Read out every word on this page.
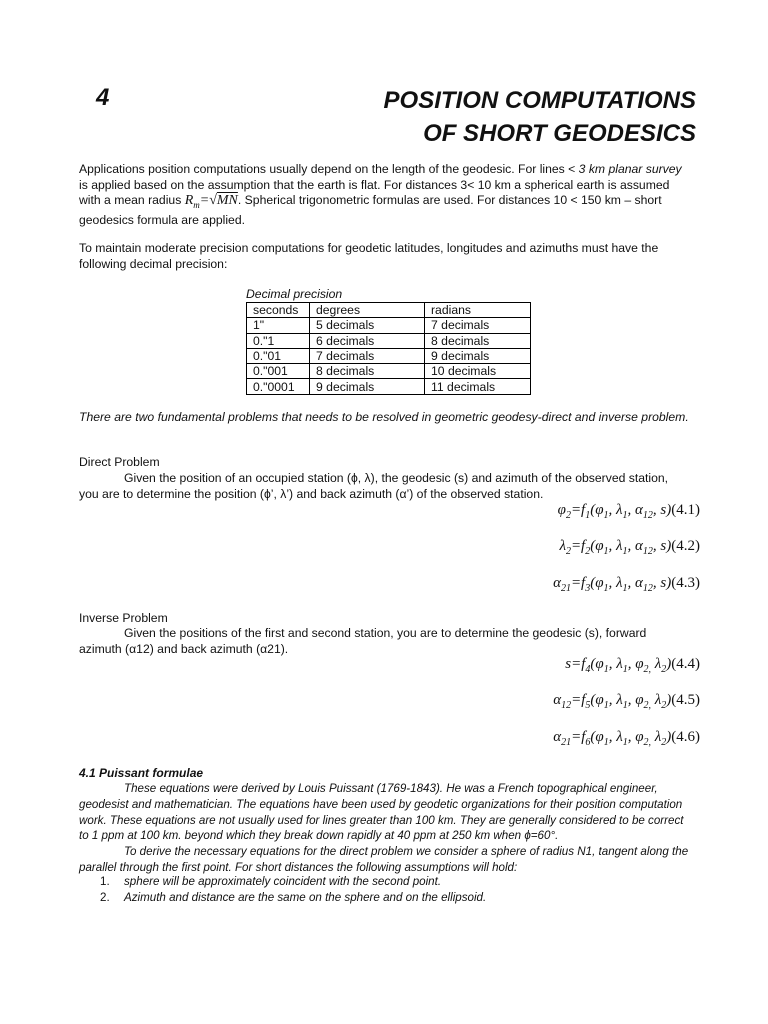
4	POSITION COMPUTATIONS
OF SHORT GEODESICS
Applications position computations usually depend on the length of the geodesic. For lines < 3 km planar survey is applied based on the assumption that the earth is flat. For distances 3< 10 km a spherical earth is assumed with a mean radius $R_m=√MN$. Spherical trigonometric formulas are used. For distances 10 < 150 km – short geodesics formula are applied.
To maintain moderate precision computations for geodetic latitudes, longitudes and azimuths must have the following decimal precision:
Decimal precision
seconds	degrees	radians
1"	5 decimals	7 decimals
0."1	6 decimals	8 decimals
0."01	7 decimals	9 decimals
0."001	8 decimals	10 decimals
0."0001	9 decimals	11 decimals
There are two fundamental problems that needs to be resolved in geometric geodesy-direct and inverse problem.
Direct Problem
Given the position of an occupied station (ϕ, λ), the geodesic (s) and azimuth of the observed station, you are to determine the position (ϕ’, λ’) and back azimuth (α’) of the observed station.
$\varphi_2=f_1(\varphi_1$, $\lambda_1$, $\alpha_{12}$, s)(4.1)
$\lambda_2=f_2(\varphi_1$, $\lambda_1$, $\alpha_{12}$, s)(4.2)
$\alpha_{21}=f_3(\varphi_1$, $\lambda_1$, $\alpha_{12}$, s)(4.3)
Inverse Problem
Given the positions of the first and second station, you are to determine the geodesic (s), forward azimuth (α12) and back azimuth (α21).
$s=f_4(\varphi_1$, $\lambda_1$, $\varphi_{2,}$ $\lambda_2)(4.4)$
$\alpha_{12}=f_5(\varphi_1$, $\lambda_1$, $\varphi_{2,}$ $\lambda_2)(4.5)$
$\alpha_{21}=f_6(\varphi_1$, $\lambda_1$, $\varphi_{2,}$ $\lambda_2)(4.6)$
4.1 Puissant formulae
These equations were derived by Louis Puissant (1769-1843). He was a French topographical engineer, geodesist and mathematician. The equations have been used by geodetic organizations for their position computation work. These equations are not usually used for lines greater than 100 km. They are generally considered to be correct to 1 ppm at 100 km. beyond which they break down rapidly at 40 ppm at 250 km when ϕ=60°.
To derive the necessary equations for the direct problem we consider a sphere of radius N1, tangent along the parallel through the first point. For short distances the following assumptions will hold:
1. sphere will be approximately coincident with the second point.
2. Azimuth and distance are the same on the sphere and on the ellipsoid.
